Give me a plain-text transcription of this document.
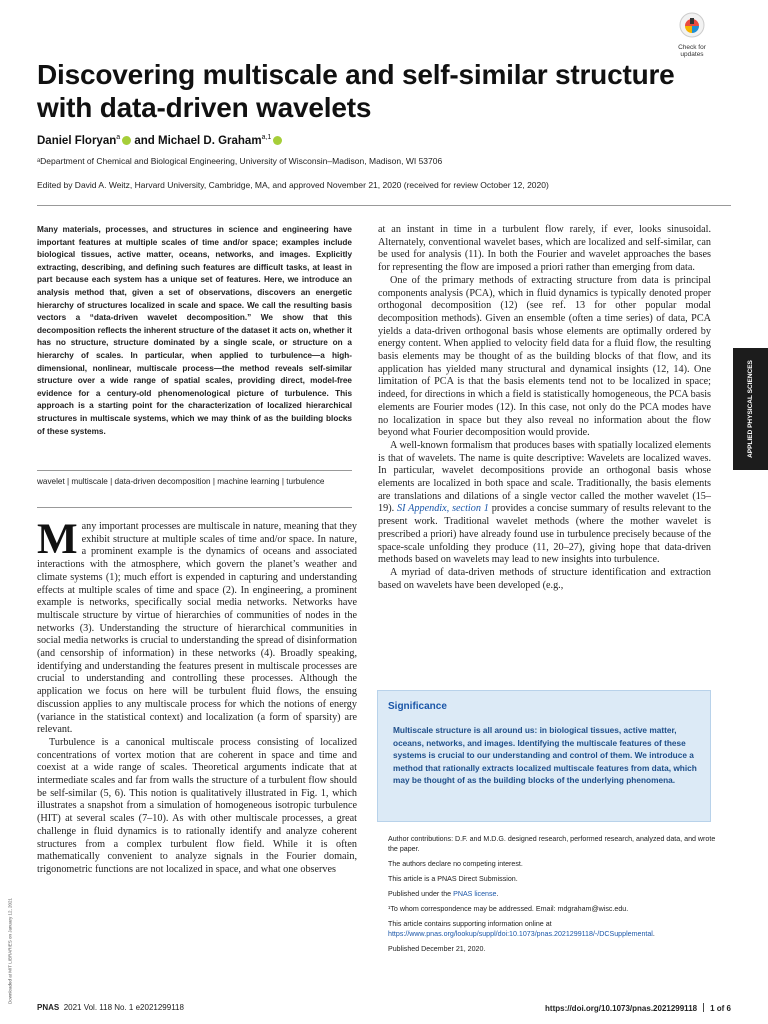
Check for updates
Discovering multiscale and self-similar structure with data-driven wavelets
Daniel Floryan$^a$ and Michael D. Graham$^{a,1}$
ᵃDepartment of Chemical and Biological Engineering, University of Wisconsin–Madison, Madison, WI 53706
Edited by David A. Weitz, Harvard University, Cambridge, MA, and approved November 21, 2020 (received for review October 12, 2020)

Many materials, processes, and structures in science and engineering have important features at multiple scales of time and/or space; examples include biological tissues, active matter, oceans, networks, and images. Explicitly extracting, describing, and defining such features are difficult tasks, at least in part because each system has a unique set of features. Here, we introduce an analysis method that, given a set of observations, discovers an energetic hierarchy of structures localized in scale and space. We call the resulting basis vectors a “data-driven wavelet decomposition.” We show that this decomposition reflects the inherent structure of the dataset it acts on, whether it has no structure, structure dominated by a single scale, or structure on a hierarchy of scales. In particular, when applied to turbulence—a high-dimensional, nonlinear, multiscale process—the method reveals self-similar structure over a wide range of spatial scales, providing direct, model-free evidence for a century-old phenomenological picture of turbulence. This approach is a starting point for the characterization of localized hierarchical structures in multiscale systems, which we may think of as the building blocks of these systems.

wavelet | multiscale | data-driven decomposition | machine learning | turbulence

Many important processes are multiscale in nature, meaning that they exhibit structure at multiple scales of time and/or space. In nature, a prominent example is the dynamics of oceans and associated interactions with the atmosphere, which govern the planet’s weather and climate systems (1); much effort is expended in capturing and understanding effects at multiple scales of time and space (2). In engineering, a prominent example is networks, specifically social media networks. Networks have multiscale structure by virtue of hierarchies of communities of nodes in the networks (3). Understanding the structure of hierarchical communities in social media networks is crucial to understanding the spread of disinformation (and censorship of information) in these networks (4). Broadly speaking, identifying and understanding the features present in multiscale processes are crucial to understanding and controlling these processes. Although the application we focus on here will be turbulent fluid flows, the ensuing discussion applies to any multiscale process for which the notions of energy (variance in the statistical context) and localization (a form of sparsity) are relevant.

Turbulence is a canonical multiscale process consisting of localized concentrations of vortex motion that are coherent in space and time and coexist at a wide range of scales. Theoretical arguments indicate that at intermediate scales and far from walls the structure of a turbulent flow should be self-similar (5, 6). This notion is qualitatively illustrated in Fig. 1, which illustrates a snapshot from a simulation of homogeneous isotropic turbulence (HIT) at several scales (7–10). As with other multiscale processes, a great challenge in fluid dynamics is to rationally identify and analyze coherent structures from a complex turbulent flow field. While it is often mathematically convenient to analyze signals in the Fourier domain, trigonometric functions are not localized in space, and what one observes

at an instant in time in a turbulent flow rarely, if ever, looks sinusoidal. Alternately, conventional wavelet bases, which are localized and self-similar, can be used for analysis (11). In both the Fourier and wavelet approaches the bases for representing the flow are imposed a priori rather than emerging from data.

One of the primary methods of extracting structure from data is principal components analysis (PCA), which in fluid dynamics is typically denoted proper orthogonal decomposition (12) (see ref. 13 for other popular modal decomposition methods). Given an ensemble (often a time series) of data, PCA yields a data-driven orthogonal basis whose elements are optimally ordered by energy content. When applied to velocity field data for a fluid flow, the resulting basis elements may be thought of as the building blocks of that flow, and its application has yielded many structural and dynamical insights (12, 14). One limitation of PCA is that the basis elements tend not to be localized in space; indeed, for directions in which a field is statistically homogeneous, the PCA basis elements are Fourier modes (12). In this case, not only do the PCA modes have no localization in space but they also reveal no information about the flow beyond what Fourier decomposition would provide.

A well-known formalism that produces bases with spatially localized elements is that of wavelets. The name is quite descriptive: Wavelets are localized waves. In particular, wavelet decompositions provide an orthogonal basis whose elements are localized in both space and scale. Traditionally, the basis elements are translations and dilations of a single vector called the mother wavelet (15–19). SI Appendix, section 1 provides a concise summary of results relevant to the present work. Traditional wavelet methods (where the mother wavelet is prescribed a priori) have already found use in turbulence precisely because of the space-scale unfolding they produce (11, 20–27), giving hope that data-driven methods based on wavelets may lead to new insights into turbulence.

A myriad of data-driven methods of structure identification and extraction based on wavelets have been developed (e.g.,

Significance

Multiscale structure is all around us: in biological tissues, active matter, oceans, networks, and images. Identifying the multiscale features of these systems is crucial to our understanding and control of them. We introduce a method that rationally extracts localized multiscale features from data, which may be thought of as the building blocks of the underlying phenomena.

Author contributions: D.F. and M.D.G. designed research, performed research, analyzed data, and wrote the paper.

The authors declare no competing interest.

This article is a PNAS Direct Submission.

Published under the PNAS license.

¹To whom correspondence may be addressed. Email: mdgraham@wisc.edu.

This article contains supporting information online at https://www.pnas.org/lookup/suppl/doi:10.1073/pnas.2021299118/-/DCSupplemental.

Published December 21, 2020.

APPLIED PHYSICAL SCIENCES
Downloaded at MIT LIBRARIES on January 12, 2021
PNAS 2021 Vol. 118 No. 1 e2021299118	https://doi.org/10.1073/pnas.2021299118 1 of 6
